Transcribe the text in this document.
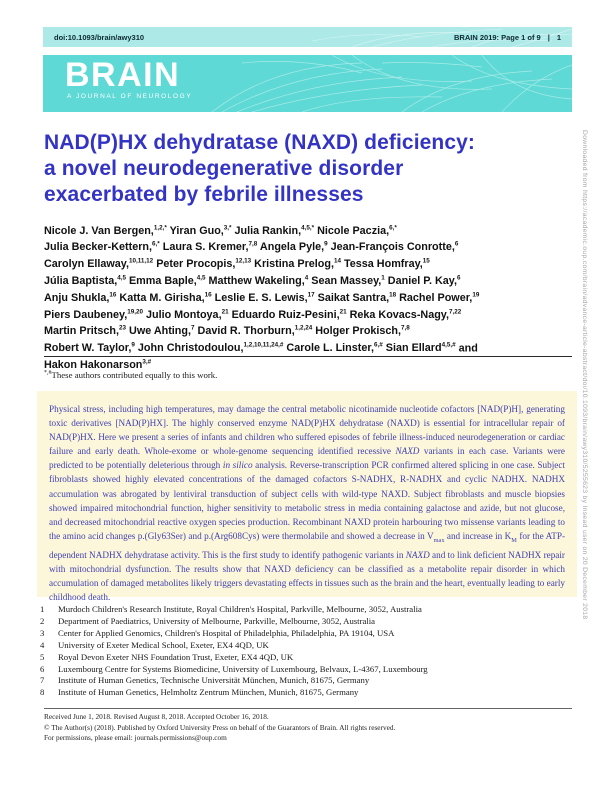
doi:10.1093/brain/awy310	BRAIN 2019: Page 1 of 9 | 1
BRAIN
A JOURNAL OF NEUROLOGY
NAD(P)HX dehydratase (NAXD) deficiency:
a novel neurodegenerative disorder
exacerbated by febrile illnesses
Nicole J. Van Bergen,$^{1,2,*}$ Yiran Guo,$^{3,*}$ Julia Rankin,$^{4,5,*}$ Nicole Paczia,$^{6,*}$
Julia Becker-Kettern,$^{6,*}$ Laura S. Kremer,$^{7,8}$ Angela Pyle,$^9$ Jean-François Conrotte,$^6$
Carolyn Ellaway,$^{10,11,12}$ Peter Procopis,$^{12,13}$ Kristina Prelog,$^{14}$ Tessa Homfray,$^{15}$
Júlia Baptista,$^{4,5}$ Emma Baple,$^{4,5}$ Matthew Wakeling,$^4$ Sean Massey,$^1$ Daniel P. Kay,$^6$
Anju Shukla,$^{16}$ Katta M. Girisha,$^{16}$ Leslie E. S. Lewis,$^{17}$ Saikat Santra,$^{18}$ Rachel Power,$^{19}$
Piers Daubeney,$^{19,20}$ Julio Montoya,$^{21}$ Eduardo Ruiz-Pesini,$^{21}$ Reka Kovacs-Nagy,$^{7,22}$
Martin Pritsch,$^{23}$ Uwe Ahting,$^7$ David R. Thorburn,$^{1,2,24}$ Holger Prokisch,$^{7,8}$
Robert W. Taylor,$^9$ John Christodoulou,$^{1,2,10,11,24,\#}$ Carole L. Linster,$^{6,\#}$ Sian Ellard$^{4,5,\#}$ and
Hakon Hakonarson$^{3,\#}$
*,#These authors contributed equally to this work.
Physical stress, including high temperatures, may damage the central metabolic nicotinamide nucleotide cofactors [NAD(P)H], generating toxic derivatives [NAD(P)HX]. The highly conserved enzyme NAD(P)HX dehydratase (NAXD) is essential for intracellular repair of NAD(P)HX. Here we present a series of infants and children who suffered episodes of febrile illness-induced neurodegeneration or cardiac failure and early death. Whole-exome or whole-genome sequencing identified recessive NAXD variants in each case. Variants were predicted to be potentially deleterious through in silico analysis. Reverse-transcription PCR confirmed altered splicing in one case. Subject fibroblasts showed highly elevated concentrations of the damaged cofactors S-NADHX, R-NADHX and cyclic NADHX. NADHX accumulation was abrogated by lentiviral transduction of subject cells with wild-type NAXD. Subject fibroblasts and muscle biopsies showed impaired mitochondrial function, higher sensitivity to metabolic stress in media containing galactose and azide, but not glucose, and decreased mitochondrial reactive oxygen species production. Recombinant NAXD protein harbouring two missense variants leading to the amino acid changes p.(Gly63Ser) and p.(Arg608Cys) were thermolabile and showed a decrease in $V_{max}$ and increase in $K_M$ for the ATP-dependent NADHX dehydratase activity. This is the first study to identify pathogenic variants in NAXD and to link deficient NADHX repair with mitochondrial dysfunction. The results show that NAXD deficiency can be classified as a metabolite repair disorder in which accumulation of damaged metabolites likely triggers devastating effects in tissues such as the brain and the heart, eventually leading to early childhood death.
1	Murdoch Children's Research Institute, Royal Children's Hospital, Parkville, Melbourne, 3052, Australia
2	Department of Paediatrics, University of Melbourne, Parkville, Melbourne, 3052, Australia
3	Center for Applied Genomics, Children's Hospital of Philadelphia, Philadelphia, PA 19104, USA
4	University of Exeter Medical School, Exeter, EX4 4QD, UK
5	Royal Devon Exeter NHS Foundation Trust, Exeter, EX4 4QD, UK
6	Luxembourg Centre for Systems Biomedicine, University of Luxembourg, Belvaux, L-4367, Luxembourg
7	Institute of Human Genetics, Technische Universität München, Munich, 81675, Germany
8	Institute of Human Genetics, Helmholtz Zentrum München, Munich, 81675, Germany
Received June 1, 2018. Revised August 8, 2018. Accepted October 16, 2018.
© The Author(s) (2018). Published by Oxford University Press on behalf of the Guarantors of Brain. All rights reserved.
For permissions, please email: journals.permissions@oup.com
Downloaded from https://academic.oup.com/brain/advance-article-abstract/doi/10.1093/brain/awy310/5255623 by Insead user on 20 December 2018
